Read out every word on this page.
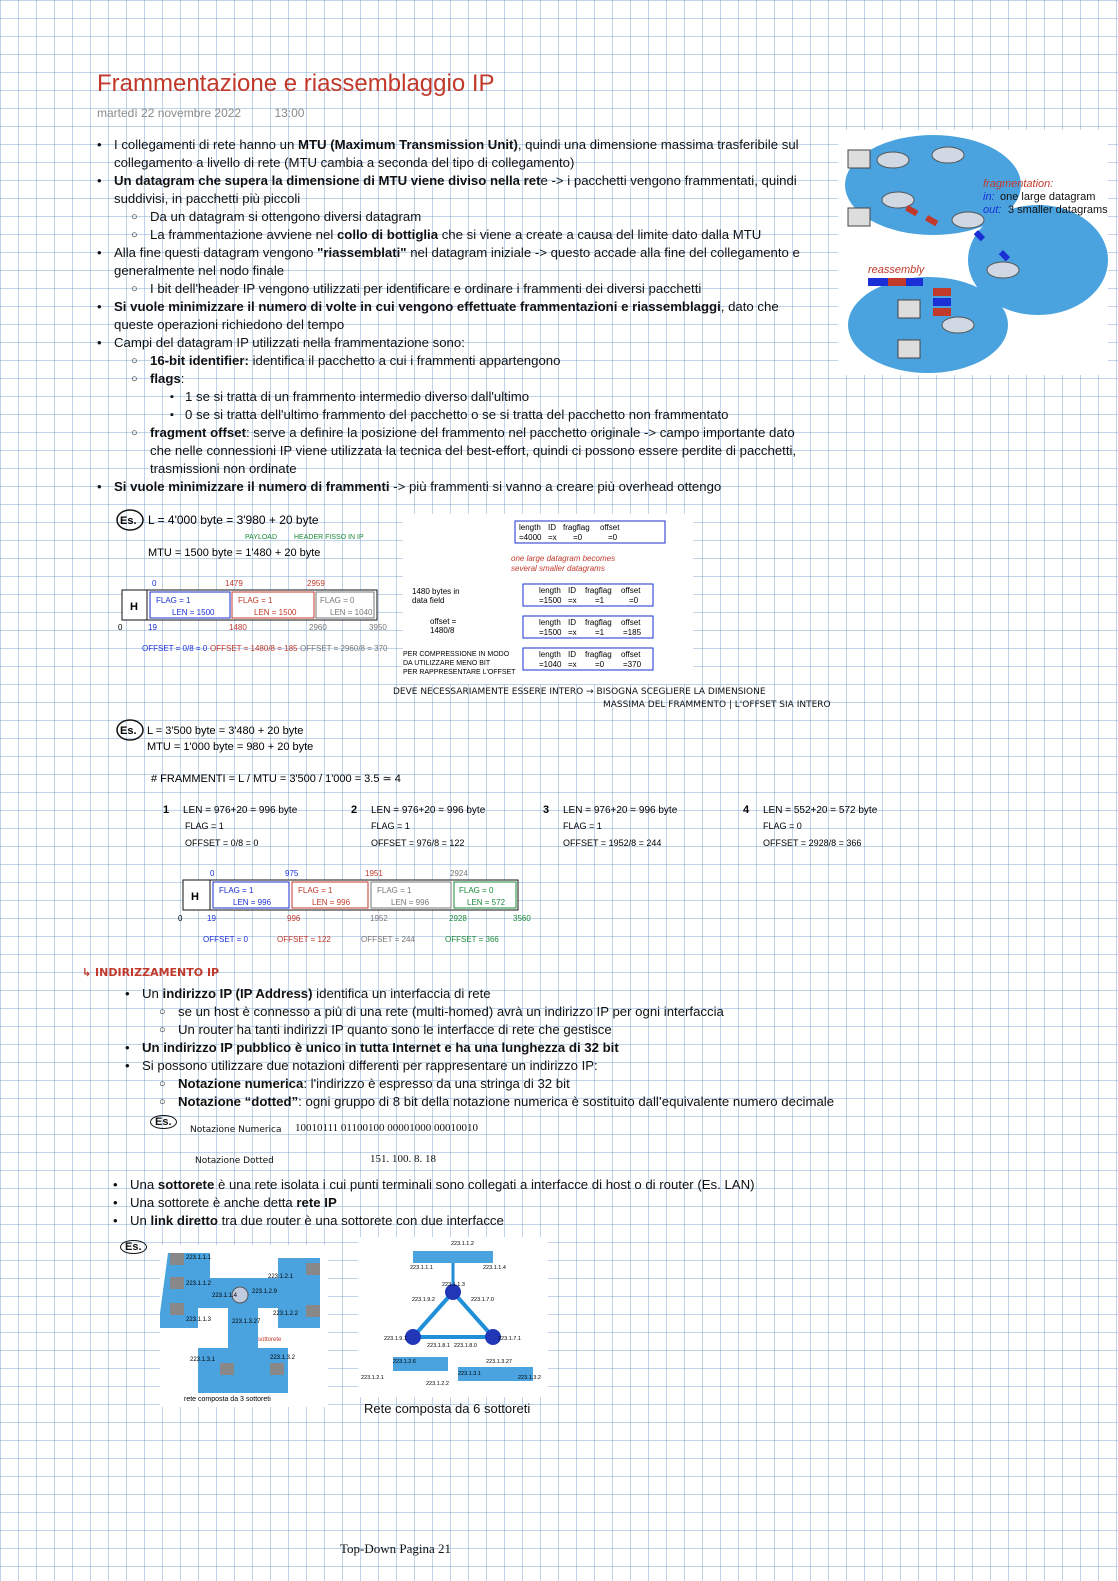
Frammentazione e riassemblaggio IP
martedì 22 novembre 2022	13:00
• I collegamenti di rete hanno un MTU (Maximum Transmission Unit), quindi una dimensione massima trasferibile sul collegamento a livello di rete (MTU cambia a seconda del tipo di collegamento)
• Un datagram che supera la dimensione di MTU viene diviso nella rete -> i pacchetti vengono frammentati, quindi suddivisi, in pacchetti più piccoli
○ Da un datagram si ottengono diversi datagram
○ La frammentazione avviene nel collo di bottiglia che si viene a create a causa del limite dato dalla MTU
• Alla fine questi datagram vengono "riassemblati" nel datagram iniziale -> questo accade alla fine del collegamento e generalmente nel nodo finale
○ I bit dell'header IP vengono utilizzati per identificare e ordinare i frammenti dei diversi pacchetti
• Si vuole minimizzare il numero di volte in cui vengono effettuate frammentazioni e riassemblaggi, dato che queste operazioni richiedono del tempo
• Campi del datagram IP utilizzati nella frammentazione sono:
○ 16-bit identifier: identifica il pacchetto a cui i frammenti appartengono
○ flags:
▪ 1 se si tratta di un frammento intermedio diverso dall'ultimo
▪ 0 se si tratta dell'ultimo frammento del pacchetto o se si tratta del pacchetto non frammentato
○ fragment offset: serve a definire la posizione del frammento nel pacchetto originale -> campo importante dato che nelle connessioni IP viene utilizzata la tecnica del best-effort, quindi ci possono essere perdite di pacchetti, trasmissioni non ordinate
• Si vuole minimizzare il numero di frammenti -> più frammenti si vanno a creare più overhead ottengo
fragmentation:
in: one large datagram
out: 3 smaller datagrams
reassembly
Es. L = 4'000 byte = 3'980 + 20 byte
PAYLOAD HEADER FISSO IN IP
MTU = 1500 byte = 1'480 + 20 byte
0	1479	2959
H
FLAG = 1
LEN = 1500
FLAG = 1
LEN = 1500
FLAG = 0
LEN = 1040
0	19	1480	2960	3950
OFFSET = 0/8 = 0 OFFSET = 1480/8 = 185 OFFSET = 2960/8 = 370
length ID fragflag offset
=4000 =x =0	=0
one large datagram becomes
several smaller datagrams
1480 bytes in
data field
offset =
1480/8
length ID fragflag offset
=1500 =x =1	=0
length ID fragflag offset
=1500 =x =1 =185
length ID fragflag offset
=1040 =x =0 =370
PER COMPRESSIONE IN MODO
DA UTILIZZARE MENO BIT
PER RAPPRESENTARE L'OFFSET
DEVE NECESSARIAMENTE ESSERE INTERO → BISOGNA SCEGLIERE LA DIMENSIONE
MASSIMA DEL FRAMMENTO | L'OFFSET SIA INTERO
Es. L = 3'500 byte = 3'480 + 20 byte
MTU = 1'000 byte = 980 + 20 byte
# FRAMMENTI = L / MTU = 3'500 / 1'000 = 3.5 ≃ 4
1 LEN = 976+20 = 996 byte
FLAG = 1
OFFSET = 0/8 = 0
2 LEN = 976+20 = 996 byte
FLAG = 1
OFFSET = 976/8 = 122
3 LEN = 976+20 = 996 byte
FLAG = 1
OFFSET = 1952/8 = 244
4 LEN = 552+20 = 572 byte
FLAG = 0
OFFSET = 2928/8 = 366
0	975	1951	2924
H
FLAG = 1
LEN = 996
FLAG = 1
LEN = 996
FLAG = 1
LEN = 996
FLAG = 0
LEN = 572
0	19	996	1952	2928	3560
OFFSET = 0	OFFSET = 122	OFFSET = 244	OFFSET = 366
↳ INDIRIZZAMENTO IP
• Un indirizzo IP (IP Address) identifica un interfaccia di rete
○ se un host è connesso a più di una rete (multi-homed) avrà un indirizzo IP per ogni interfaccia
○ Un router ha tanti indirizzi IP quanto sono le interfacce di rete che gestisce
• Un indirizzo IP pubblico è unico in tutta Internet e ha una lunghezza di 32 bit
• Si possono utilizzare due notazioni differenti per rappresentare un indirizzo IP:
○ Notazione numerica: l'indirizzo è espresso da una stringa di 32 bit
○ Notazione “dotted”: ogni gruppo di 8 bit della notazione numerica è sostituito dall’equivalente numero decimale
Es.
Notazione Numerica 10010111 01100100 00001000 00010010
Notazione Dotted	151. 100. 8. 18
• Una sottorete è una rete isolata i cui punti terminali sono collegati a interfacce di host o di router (Es. LAN)
• Una sottorete è anche detta rete IP
• Un link diretto tra due router è una sottorete con due interfacce
Es.
223.1.1.1
223.1.1.2
223.1.1.4
223.1.2.9
223.1.2.1
223.1.1.3	223.1.3.27
223.1.2.2
223.1.3.1	223.1.3.2
sottorete
rete composta da 3 sottoreti
223.1.1.2
223.1.1.1	223.1.1.4
223.1.1.3
223.1.9.2	223.1.7.0
223.1.9.1
223.1.8.1 223.1.8.0
223.1.7.1
223.1.2.6	223.1.3.27
223.1.2.1
223.1.2.2
223.1.3.1
223.1.3.2
Rete composta da 6 sottoreti
Top-Down Pagina 21
